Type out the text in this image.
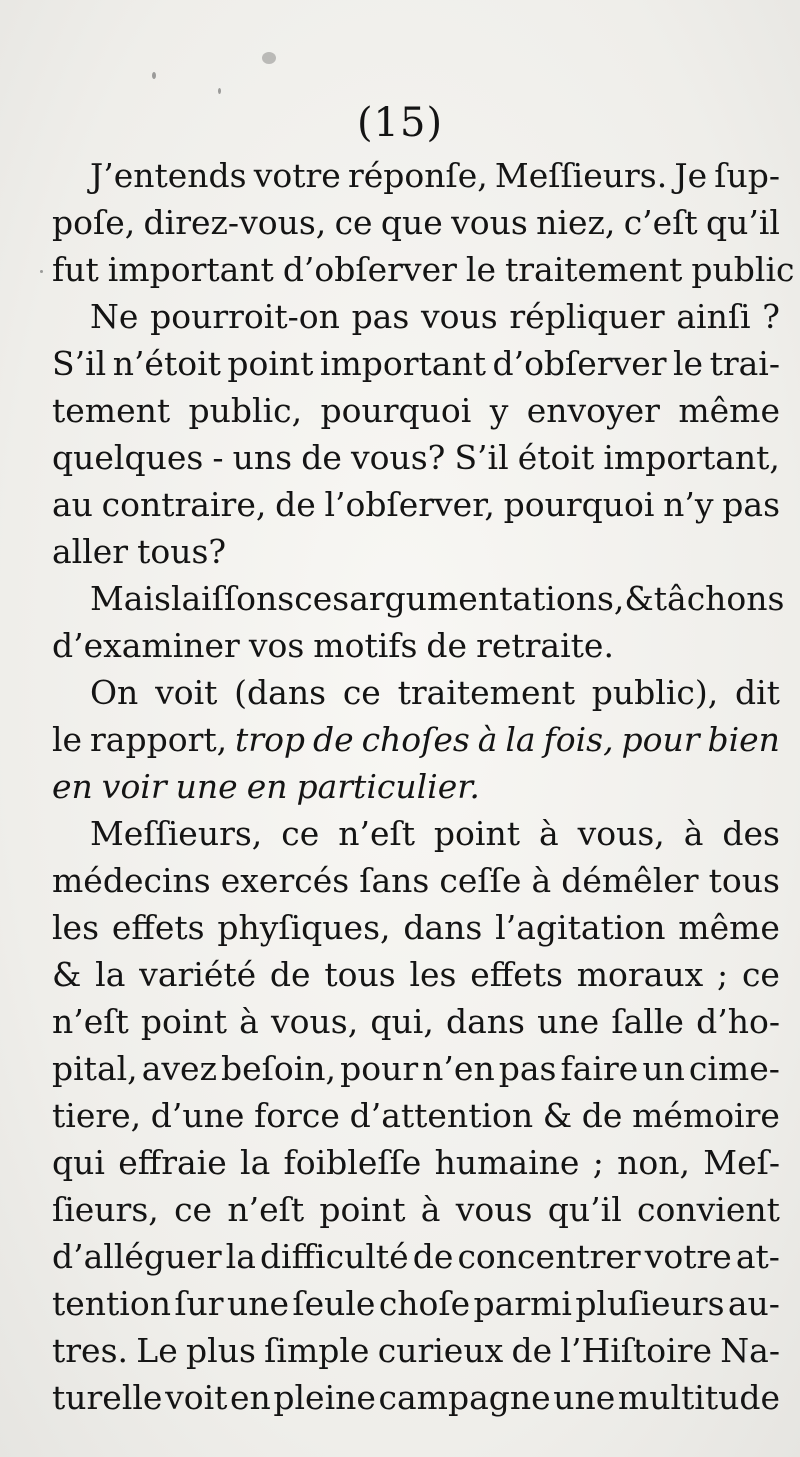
(15)
J’entends votre réponſe, Meſſieurs. Je ſup-
poſe, direz-vous, ce que vous niez, c’eſt qu’il
fut important d’obſerver le traitement public
Ne pourroit-on pas vous répliquer ainſi ?
S’il n’étoit point important d’obſerver le trai-
tement public, pourquoi y envoyer même
quelques - uns de vous? S’il étoit important,
au contraire, de l’obſerver, pourquoi n’y pas
aller tous?
Mais laiſſons ces argumentations, & tâchons
d’examiner vos motifs de retraite.
On voit (dans ce traitement public), dit
le rapport, trop de choſes à la fois, pour bien
en voir une en particulier.
Meſſieurs, ce n’eſt point à vous, à des
médecins exercés ſans ceſſe à démêler tous
les effets phyſiques, dans l’agitation même
& la variété de tous les effets moraux ; ce
n’eſt point à vous, qui, dans une ſalle d’ho-
pital, avez beſoin, pour n’en pas faire un cime-
tiere, d’une force d’attention & de mémoire
qui effraie la foibleſſe humaine ; non, Meſ-
ſieurs, ce n’eſt point à vous qu’il convient
d’alléguer la difficulté de concentrer votre at-
tention ſur une ſeule choſe parmi pluſieurs au-
tres. Le plus ſimple curieux de l’Hiſtoire Na-
turelle voit en pleine campagne une multitude
